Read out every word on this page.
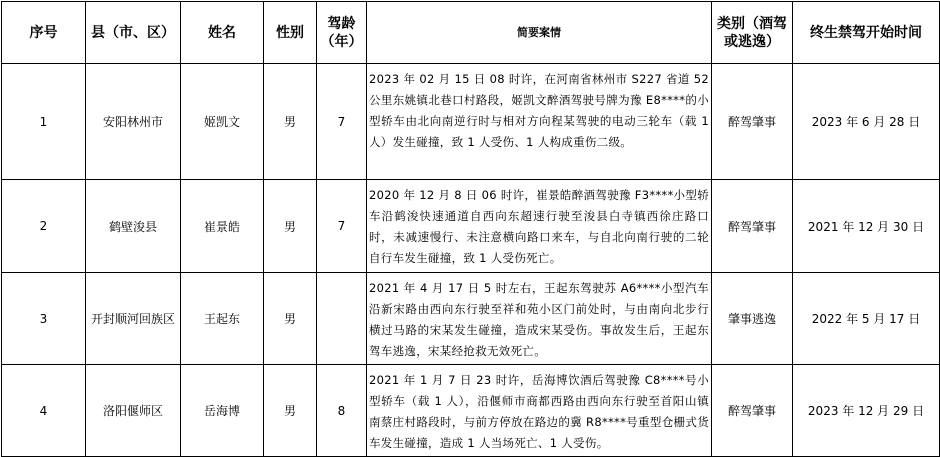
序号	县（市、区）	姓名	性别	驾龄（年）	简要案情	类别（酒驾或逃逸）	终生禁驾开始时间
1	安阳林州市	姬凯文	男	7	2023 年 02 月 15 日 08 时许，在河南省林州市 S227 省道 52 公里东姚镇北巷口村路段，姬凯文醉酒驾驶号牌为豫 E8****的小型轿车由北向南逆行时与相对方向程某驾驶的电动三轮车（载 1 人）发生碰撞，致 1 人受伤、1 人构成重伤二级。	醉驾肇事	2023 年 6 月 28 日
2	鹤壁浚县	崔景皓	男	7	2020 年 12 月 8 日 06 时许，崔景皓醉酒驾驶豫 F3****小型轿车沿鹤浚快速通道自西向东超速行驶至浚县白寺镇西徐庄路口时，未减速慢行、未注意横向路口来车，与自北向南行驶的二轮自行车发生碰撞，致 1 人受伤死亡。	醉驾肇事	2021 年 12 月 30 日
3	开封顺河回族区	王起东	男		2021 年 4 月 17 日 5 时左右，王起东驾驶苏 A6****小型汽车沿新宋路由西向东行驶至祥和苑小区门前处时，与由南向北步行横过马路的宋某发生碰撞，造成宋某受伤。事故发生后，王起东驾车逃逸，宋某经抢救无效死亡。	肇事逃逸	2022 年 5 月 17 日
4	洛阳偃师区	岳海博	男	8	2021 年 1 月 7 日 23 时许，岳海博饮酒后驾驶豫 C8****号小型轿车（载 1 人），沿偃师市商都西路由西向东行驶至首阳山镇南蔡庄村路段时，与前方停放在路边的冀 R8****号重型仓栅式货车发生碰撞，造成 1 人当场死亡、1 人受伤。	醉驾肇事	2023 年 12 月 29 日
